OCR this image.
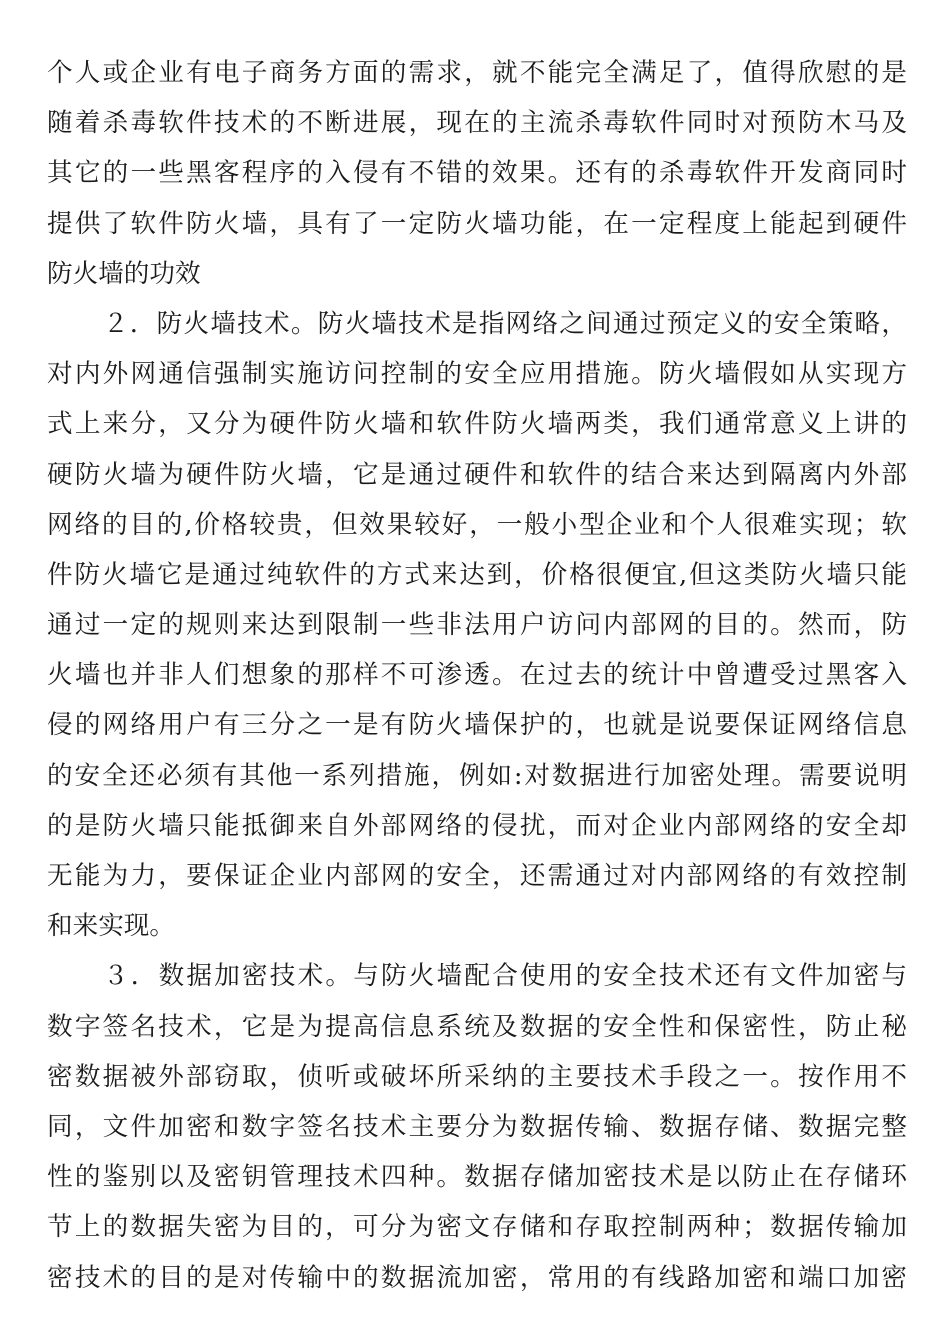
个人或企业有电子商务方面的需求，就不能完全满足了，值得欣慰的是
随着杀毒软件技术的不断进展，现在的主流杀毒软件同时对预防木马及
其它的一些黑客程序的入侵有不错的效果。还有的杀毒软件开发商同时
提供了软件防火墙，具有了一定防火墙功能，在一定程度上能起到硬件
防火墙的功效
２．防火墙技术。防火墙技术是指网络之间通过预定义的安全策略，
对内外网通信强制实施访问控制的安全应用措施。防火墙假如从实现方
式上来分，又分为硬件防火墙和软件防火墙两类，我们通常意义上讲的
硬防火墙为硬件防火墙，它是通过硬件和软件的结合来达到隔离内外部
网络的目的,价格较贵，但效果较好，一般小型企业和个人很难实现；软
件防火墙它是通过纯软件的方式来达到，价格很便宜,但这类防火墙只能
通过一定的规则来达到限制一些非法用户访问内部网的目的。然而，防
火墙也并非人们想象的那样不可渗透。在过去的统计中曾遭受过黑客入
侵的网络用户有三分之一是有防火墙保护的，也就是说要保证网络信息
的安全还必须有其他一系列措施，例如:对数据进行加密处理。需要说明
的是防火墙只能抵御来自外部网络的侵扰，而对企业内部网络的安全却
无能为力，要保证企业内部网的安全，还需通过对内部网络的有效控制
和来实现。
３．数据加密技术。与防火墙配合使用的安全技术还有文件加密与
数字签名技术，它是为提高信息系统及数据的安全性和保密性，防止秘
密数据被外部窃取，侦听或破坏所采纳的主要技术手段之一。按作用不
同，文件加密和数字签名技术主要分为数据传输、数据存储、数据完整
性的鉴别以及密钥管理技术四种。数据存储加密技术是以防止在存储环
节上的数据失密为目的，可分为密文存储和存取控制两种；数据传输加
密技术的目的是对传输中的数据流加密，常用的有线路加密和端口加密
